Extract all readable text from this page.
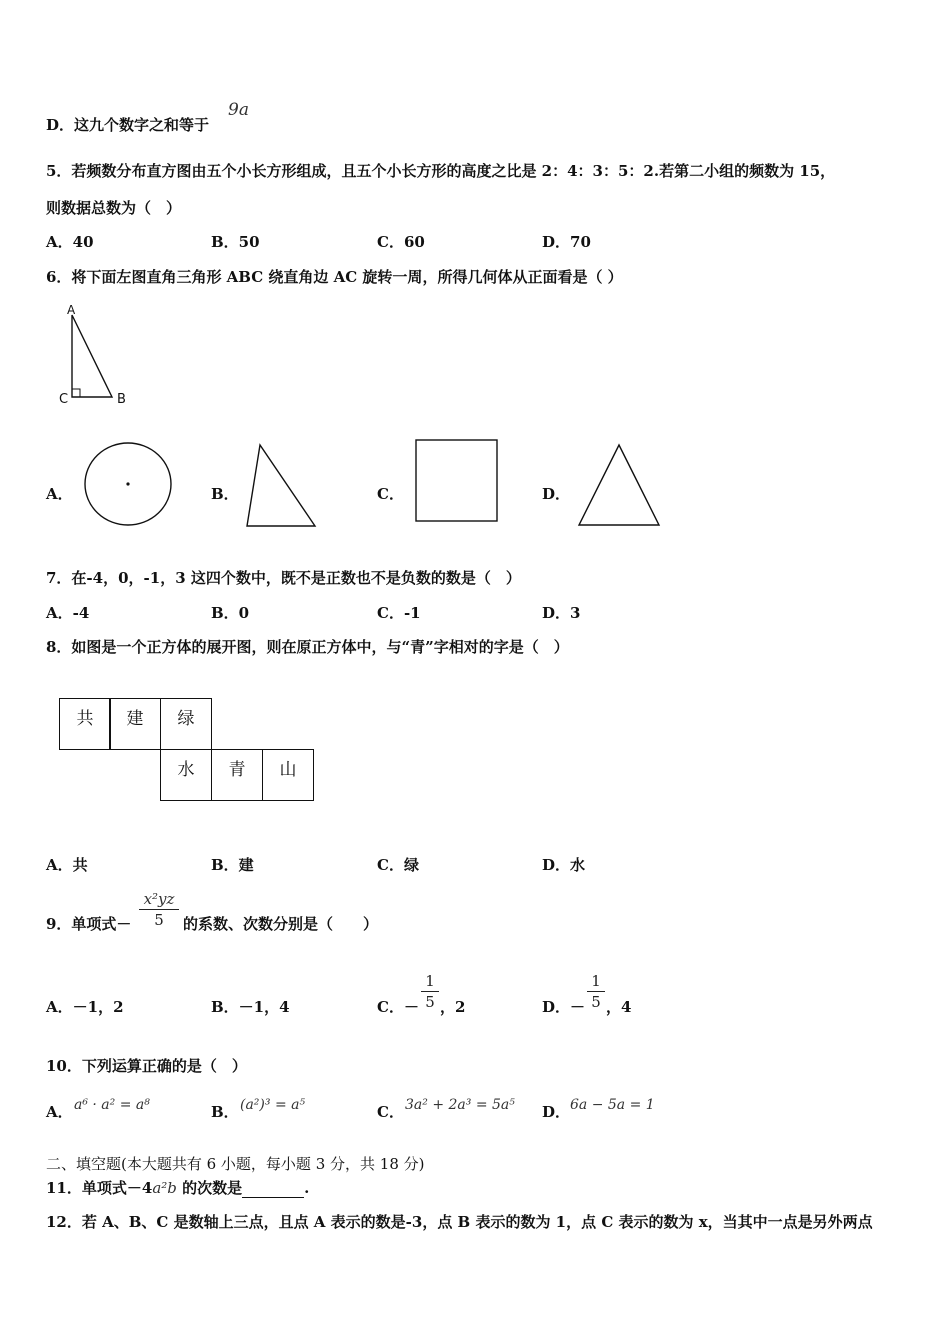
D．这九个数字之和等于
9a
5．若频数分布直方图由五个小长方形组成，且五个小长方形的高度之比是 2：4：3：5：2.若第二小组的频数为 15，
则数据总数为（　）
A．40	B．50	C．60	D．70
6．将下面左图直角三角形 ABC 绕直角边 AC 旋转一周，所得几何体从正面看是（ ）
A
C	B
A．	B．	C．	D．
7．在-4，0，-1，3 这四个数中，既不是正数也不是负数的数是（　）
A．-4	B．0	C．-1	D．3
8．如图是一个正方体的展开图，则在原正方体中，与“青”字相对的字是（　）
共	建	绿
水	青	山
A．共	B．建	C．绿	D．水
9．单项式－
x²yz
5	的系数、次数分别是（　　）
A．－1，2	B．－1，4	C．－
1
5 ，2	D．－
1
5 ，4
10．下列运算正确的是（　）
A． a⁶ · a² = a⁸	B． (a²)³ = a⁵	C． 3a² + 2a³ = 5a⁵ D． 6a − 5a = 1
二、填空题(本大题共有 6 小题，每小题 3 分，共 18 分)
11．单项式－4a²b 的次数是	.
12．若 A、B、C 是数轴上三点，且点 A 表示的数是-3，点 B 表示的数为 1，点 C 表示的数为 x，当其中一点是另外两点
